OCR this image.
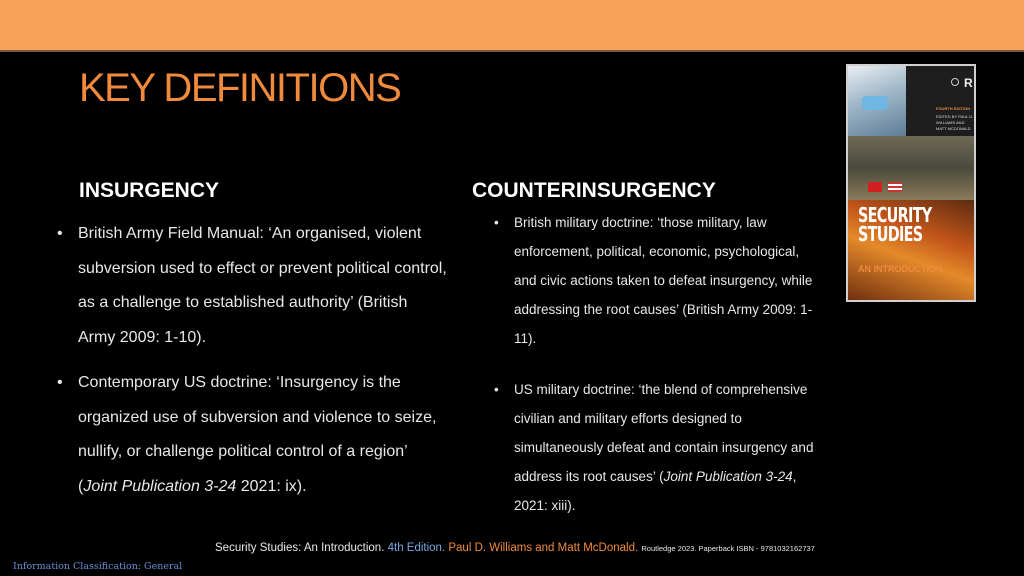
KEY DEFINITIONS
INSURGENCY	COUNTERINSURGENCY
• British Army Field Manual: ‘An organised, violent subversion used to effect or prevent political control, as a challenge to established authority’ (British Army 2009: 1-10).
• Contemporary US doctrine: ‘Insurgency is the organized use of subversion and violence to seize, nullify, or challenge political control of a region’ (Joint Publication 3-24 2021: ix).
•	British military doctrine: ‘those military, law enforcement, political, economic, psychological, and civic actions taken to defeat insurgency, while addressing the root causes’ (British Army 2009: 1-11).
•	US military doctrine: ‘the blend of comprehensive civilian and military efforts designed to simultaneously defeat and contain insurgency and address its root causes’ (Joint Publication 3-24, 2021: xiii).
R
FOURTH EDITION
EDITED BY PAUL D. WILLIAMS AND MATT MCDONALD
SECURITY STUDIES
AN INTRODUCTION
Security Studies: An Introduction. 4th Edition. Paul D. Williams and Matt McDonald. Routledge 2023. Paperback ISBN - 9781032162737
Information Classification: General
